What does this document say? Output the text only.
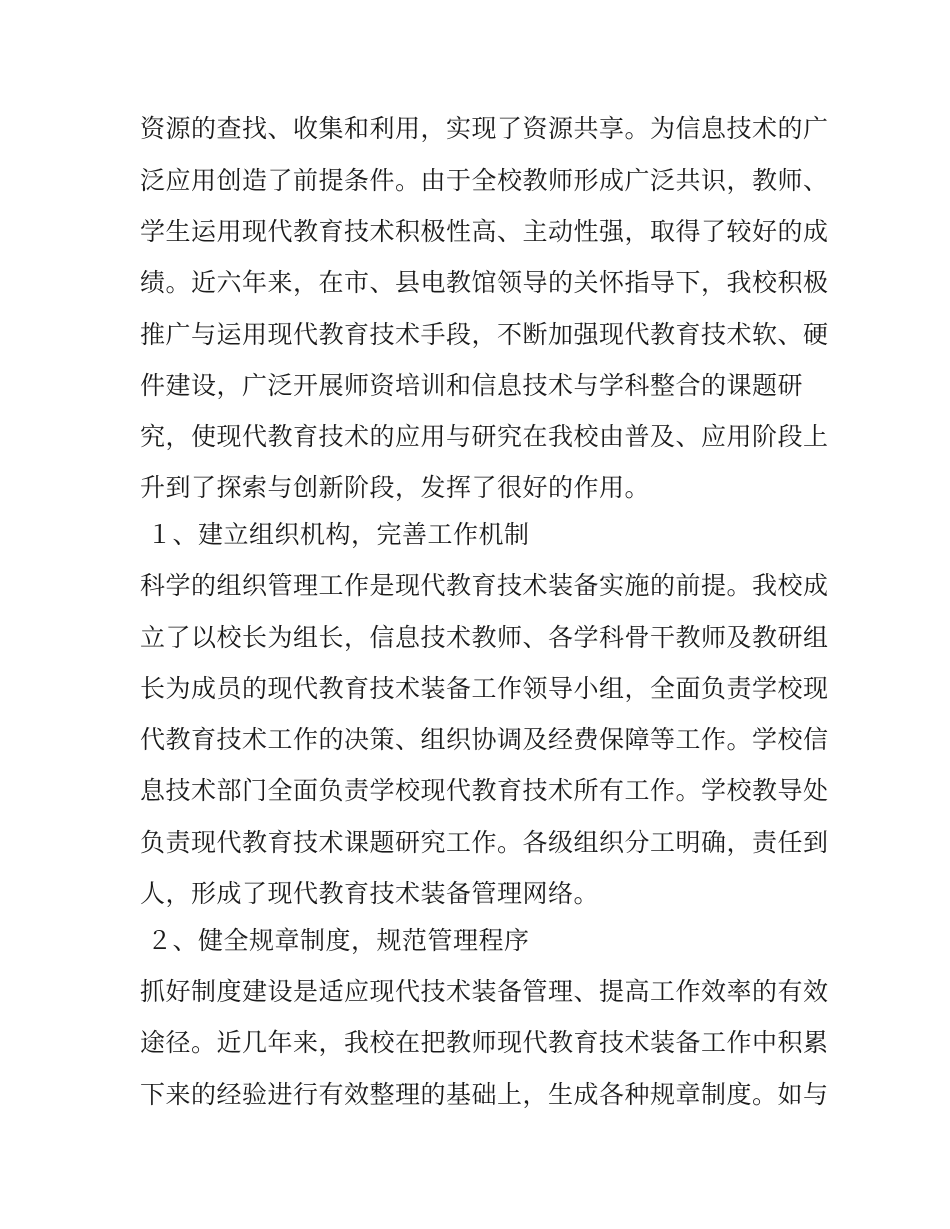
资源的查找、收集和利用，实现了资源共享。为信息技术的广
泛应用创造了前提条件。由于全校教师形成广泛共识，教师、
学生运用现代教育技术积极性高、主动性强，取得了较好的成
绩。近六年来，在市、县电教馆领导的关怀指导下，我校积极
推广与运用现代教育技术手段，不断加强现代教育技术软、硬
件建设，广泛开展师资培训和信息技术与学科整合的课题研
究，使现代教育技术的应用与研究在我校由普及、应用阶段上
升到了探索与创新阶段，发挥了很好的作用。
１、建立组织机构，完善工作机制
科学的组织管理工作是现代教育技术装备实施的前提。我校成
立了以校长为组长，信息技术教师、各学科骨干教师及教研组
长为成员的现代教育技术装备工作领导小组，全面负责学校现
代教育技术工作的决策、组织协调及经费保障等工作。学校信
息技术部门全面负责学校现代教育技术所有工作。学校教导处
负责现代教育技术课题研究工作。各级组织分工明确，责任到
人，形成了现代教育技术装备管理网络。
２、健全规章制度，规范管理程序
抓好制度建设是适应现代技术装备管理、提高工作效率的有效
途径。近几年来，我校在把教师现代教育技术装备工作中积累
下来的经验进行有效整理的基础上，生成各种规章制度。如与
